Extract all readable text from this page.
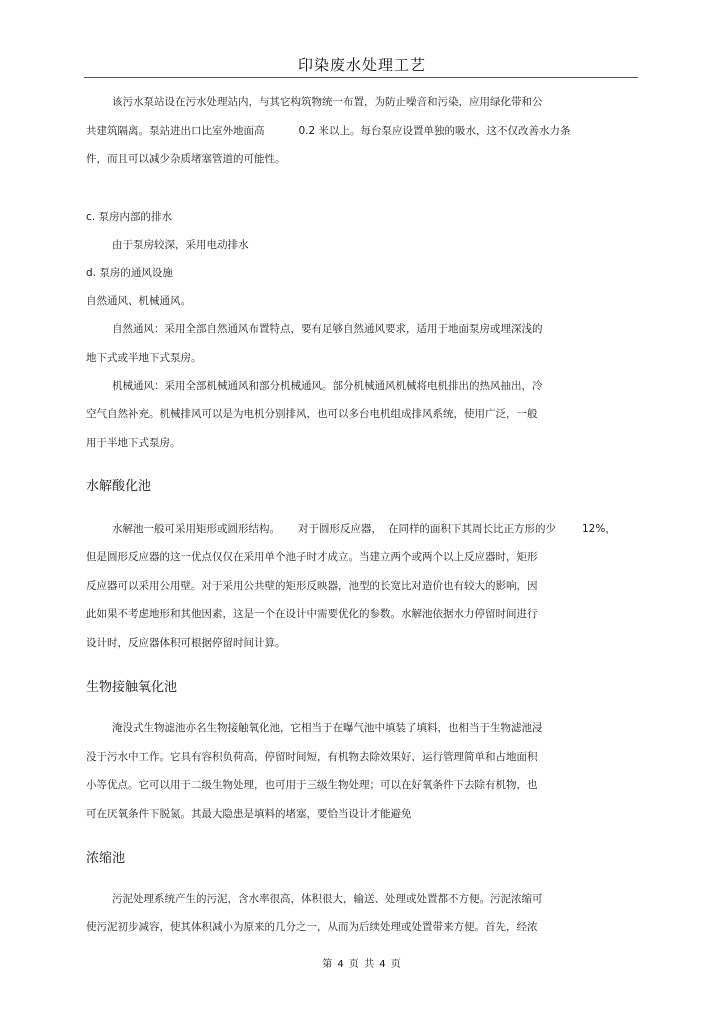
印染废水处理工艺
该污水泵站设在污水处理站内，与其它构筑物统一布置，为防止噪音和污染，应用绿化带和公
共建筑隔离。泵站进出口比室外地面高	0.2 米以上。每台泵应设置单独的吸水，这不仅改善水力条
件，而且可以减少杂质堵塞管道的可能性。
c. 泵房内部的排水
由于泵房较深，采用电动排水
d. 泵房的通风设施
自然通风、机械通风。
自然通风：采用全部自然通风布置特点，要有足够自然通风要求，适用于地面泵房或埋深浅的
地下式或半地下式泵房。
机械通风：采用全部机械通风和部分机械通风。部分机械通风机械将电机排出的热风抽出，冷
空气自然补充。机械排风可以是为电机分别排风，也可以多台电机组成排风系统，使用广泛，一般
用于半地下式泵房。
水解酸化池
水解池一般可采用矩形或圆形结构。 对于圆形反应器， 在同样的面积下其周长比正方形的少 12%，
但是圆形反应器的这一优点仅仅在采用单个池子时才成立。当建立两个或两个以上反应器时，矩形
反应器可以采用公用壁。对于采用公共壁的矩形反映器，池型的长宽比对造价也有较大的影响，因
此如果不考虑地形和其他因素，这是一个在设计中需要优化的参数。水解池依据水力停留时间进行
设计时，反应器体积可根据停留时间计算。
生物接触氧化池
淹没式生物滤池亦名生物接触氧化池，它相当于在曝气池中填装了填料，也相当于生物滤池浸
没于污水中工作。它具有容积负荷高，停留时间短，有机物去除效果好，运行管理简单和占地面积
小等优点。它可以用于二级生物处理，也可用于三级生物处理；可以在好氧条件下去除有机物，也
可在厌氧条件下脱氮。其最大隐患是填料的堵塞，要恰当设计才能避免
浓缩池
污泥处理系统产生的污泥，含水率很高，体积很大，输送、处理或处置都不方便。污泥浓缩可
使污泥初步减容，使其体积减小为原来的几分之一，从而为后续处理或处置带来方便。首先，经浓
第 4 页 共 4 页
